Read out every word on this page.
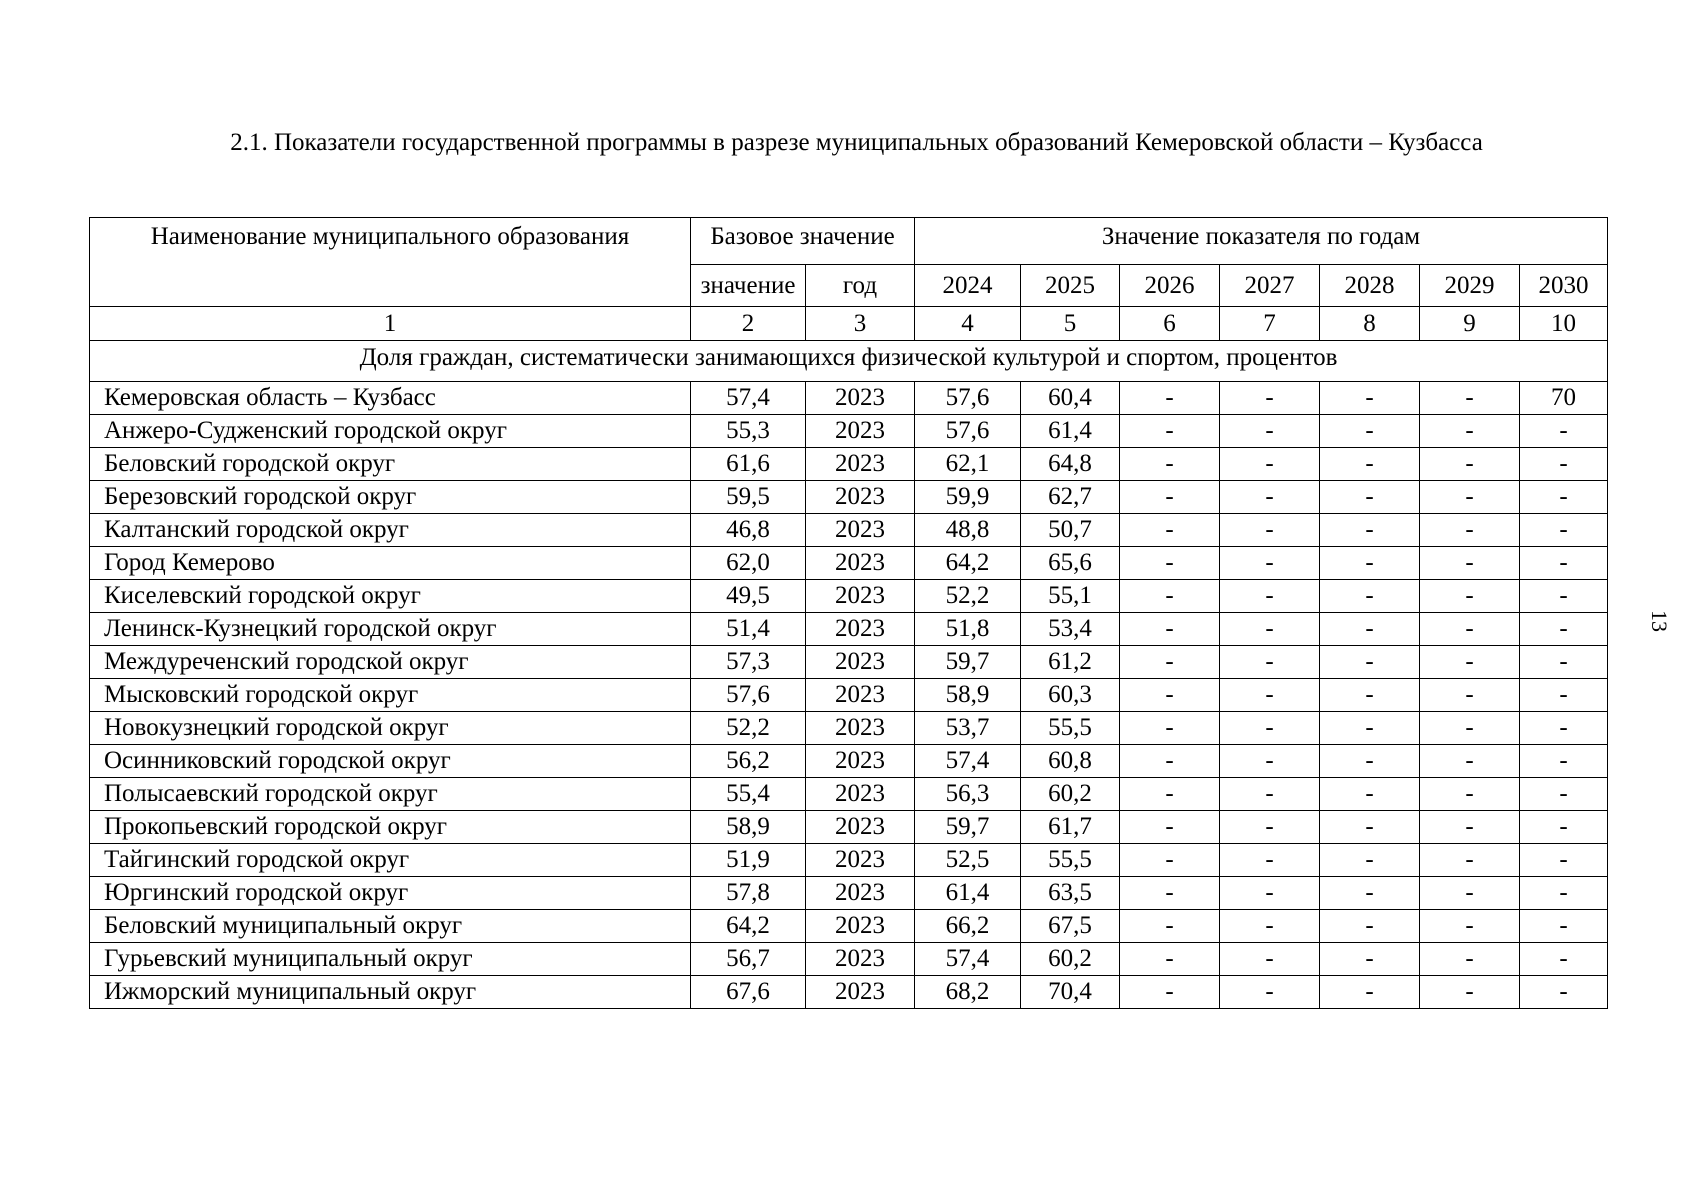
2.1. Показатели государственной программы в разрезе муниципальных образований Кемеровской области – Кузбасса
13
Наименование муниципального образования	Базовое значение		Значение показателя по годам						
	значение	год	2024	2025	2026	2027	2028	2029	2030
1	2	3	4	5	6	7	8	9	10
Доля граждан, систематически занимающихся физической культурой и спортом, процентов									
Кемеровская область – Кузбасс	57,4	2023	57,6	60,4	-	-	-	-	70
Анжеро-Судженский городской округ	55,3	2023	57,6	61,4	-	-	-	-	-
Беловский городской округ	61,6	2023	62,1	64,8	-	-	-	-	-
Березовский городской округ	59,5	2023	59,9	62,7	-	-	-	-	-
Калтанский городской округ	46,8	2023	48,8	50,7	-	-	-	-	-
Город Кемерово	62,0	2023	64,2	65,6	-	-	-	-	-
Киселевский городской округ	49,5	2023	52,2	55,1	-	-	-	-	-
Ленинск-Кузнецкий городской округ	51,4	2023	51,8	53,4	-	-	-	-	-
Междуреченский городской округ	57,3	2023	59,7	61,2	-	-	-	-	-
Мысковский городской округ	57,6	2023	58,9	60,3	-	-	-	-	-
Новокузнецкий городской округ	52,2	2023	53,7	55,5	-	-	-	-	-
Осинниковский городской округ	56,2	2023	57,4	60,8	-	-	-	-	-
Полысаевский городской округ	55,4	2023	56,3	60,2	-	-	-	-	-
Прокопьевский городской округ	58,9	2023	59,7	61,7	-	-	-	-	-
Тайгинский городской округ	51,9	2023	52,5	55,5	-	-	-	-	-
Юргинский городской округ	57,8	2023	61,4	63,5	-	-	-	-	-
Беловский муниципальный округ	64,2	2023	66,2	67,5	-	-	-	-	-
Гурьевский муниципальный округ	56,7	2023	57,4	60,2	-	-	-	-	-
Ижморский муниципальный округ	67,6	2023	68,2	70,4	-	-	-	-	-
